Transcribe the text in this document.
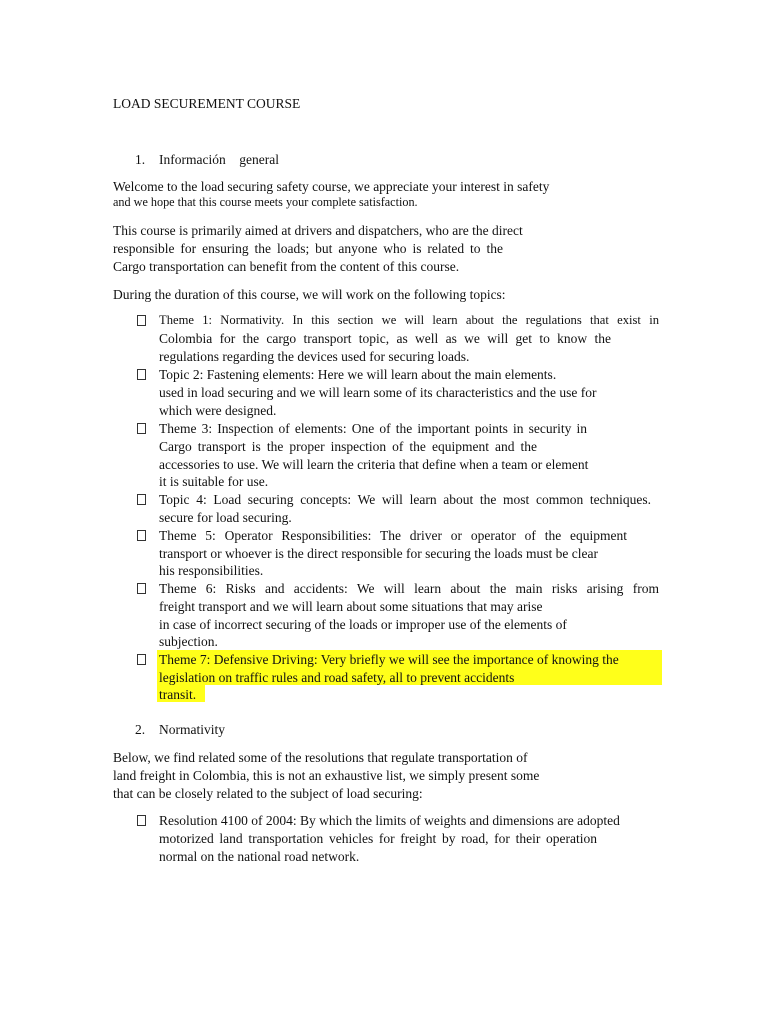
LOAD SECUREMENT COURSE
1. Información    general
Welcome to the load securing safety course, we appreciate your interest in safety
and we hope that this course meets your complete satisfaction.
This course is primarily aimed at drivers and dispatchers, who are the direct
responsible for ensuring the loads; but anyone who is related to the
Cargo transportation can benefit from the content of this course.
During the duration of this course, we will work on the following topics:
Theme 1: Normativity. In this section we will learn about the regulations that exist in
Colombia for the cargo transport topic, as well as we will get to know the
regulations regarding the devices used for securing loads.
Topic 2: Fastening elements: Here we will learn about the main elements.
used in load securing and we will learn some of its characteristics and the use for
which were designed.
Theme 3: Inspection of elements: One of the important points in security in
Cargo transport is the proper inspection of the equipment and the
accessories to use. We will learn the criteria that define when a team or element
it is suitable for use.
Topic 4: Load securing concepts: We will learn about the most common techniques.
secure for load securing.
Theme 5: Operator Responsibilities: The driver or operator of the equipment
transport or whoever is the direct responsible for securing the loads must be clear
his responsibilities.
Theme 6: Risks and accidents: We will learn about the main risks arising from
freight transport and we will learn about some situations that may arise
in case of incorrect securing of the loads or improper use of the elements of
subjection.
Theme 7: Defensive Driving: Very briefly we will see the importance of knowing the
legislation on traffic rules and road safety, all to prevent accidents
transit.
2. Normativity
Below, we find related some of the resolutions that regulate transportation of
land freight in Colombia, this is not an exhaustive list, we simply present some
that can be closely related to the subject of load securing:
Resolution 4100 of 2004: By which the limits of weights and dimensions are adopted
motorized land transportation vehicles for freight by road, for their operation
normal on the national road network.
